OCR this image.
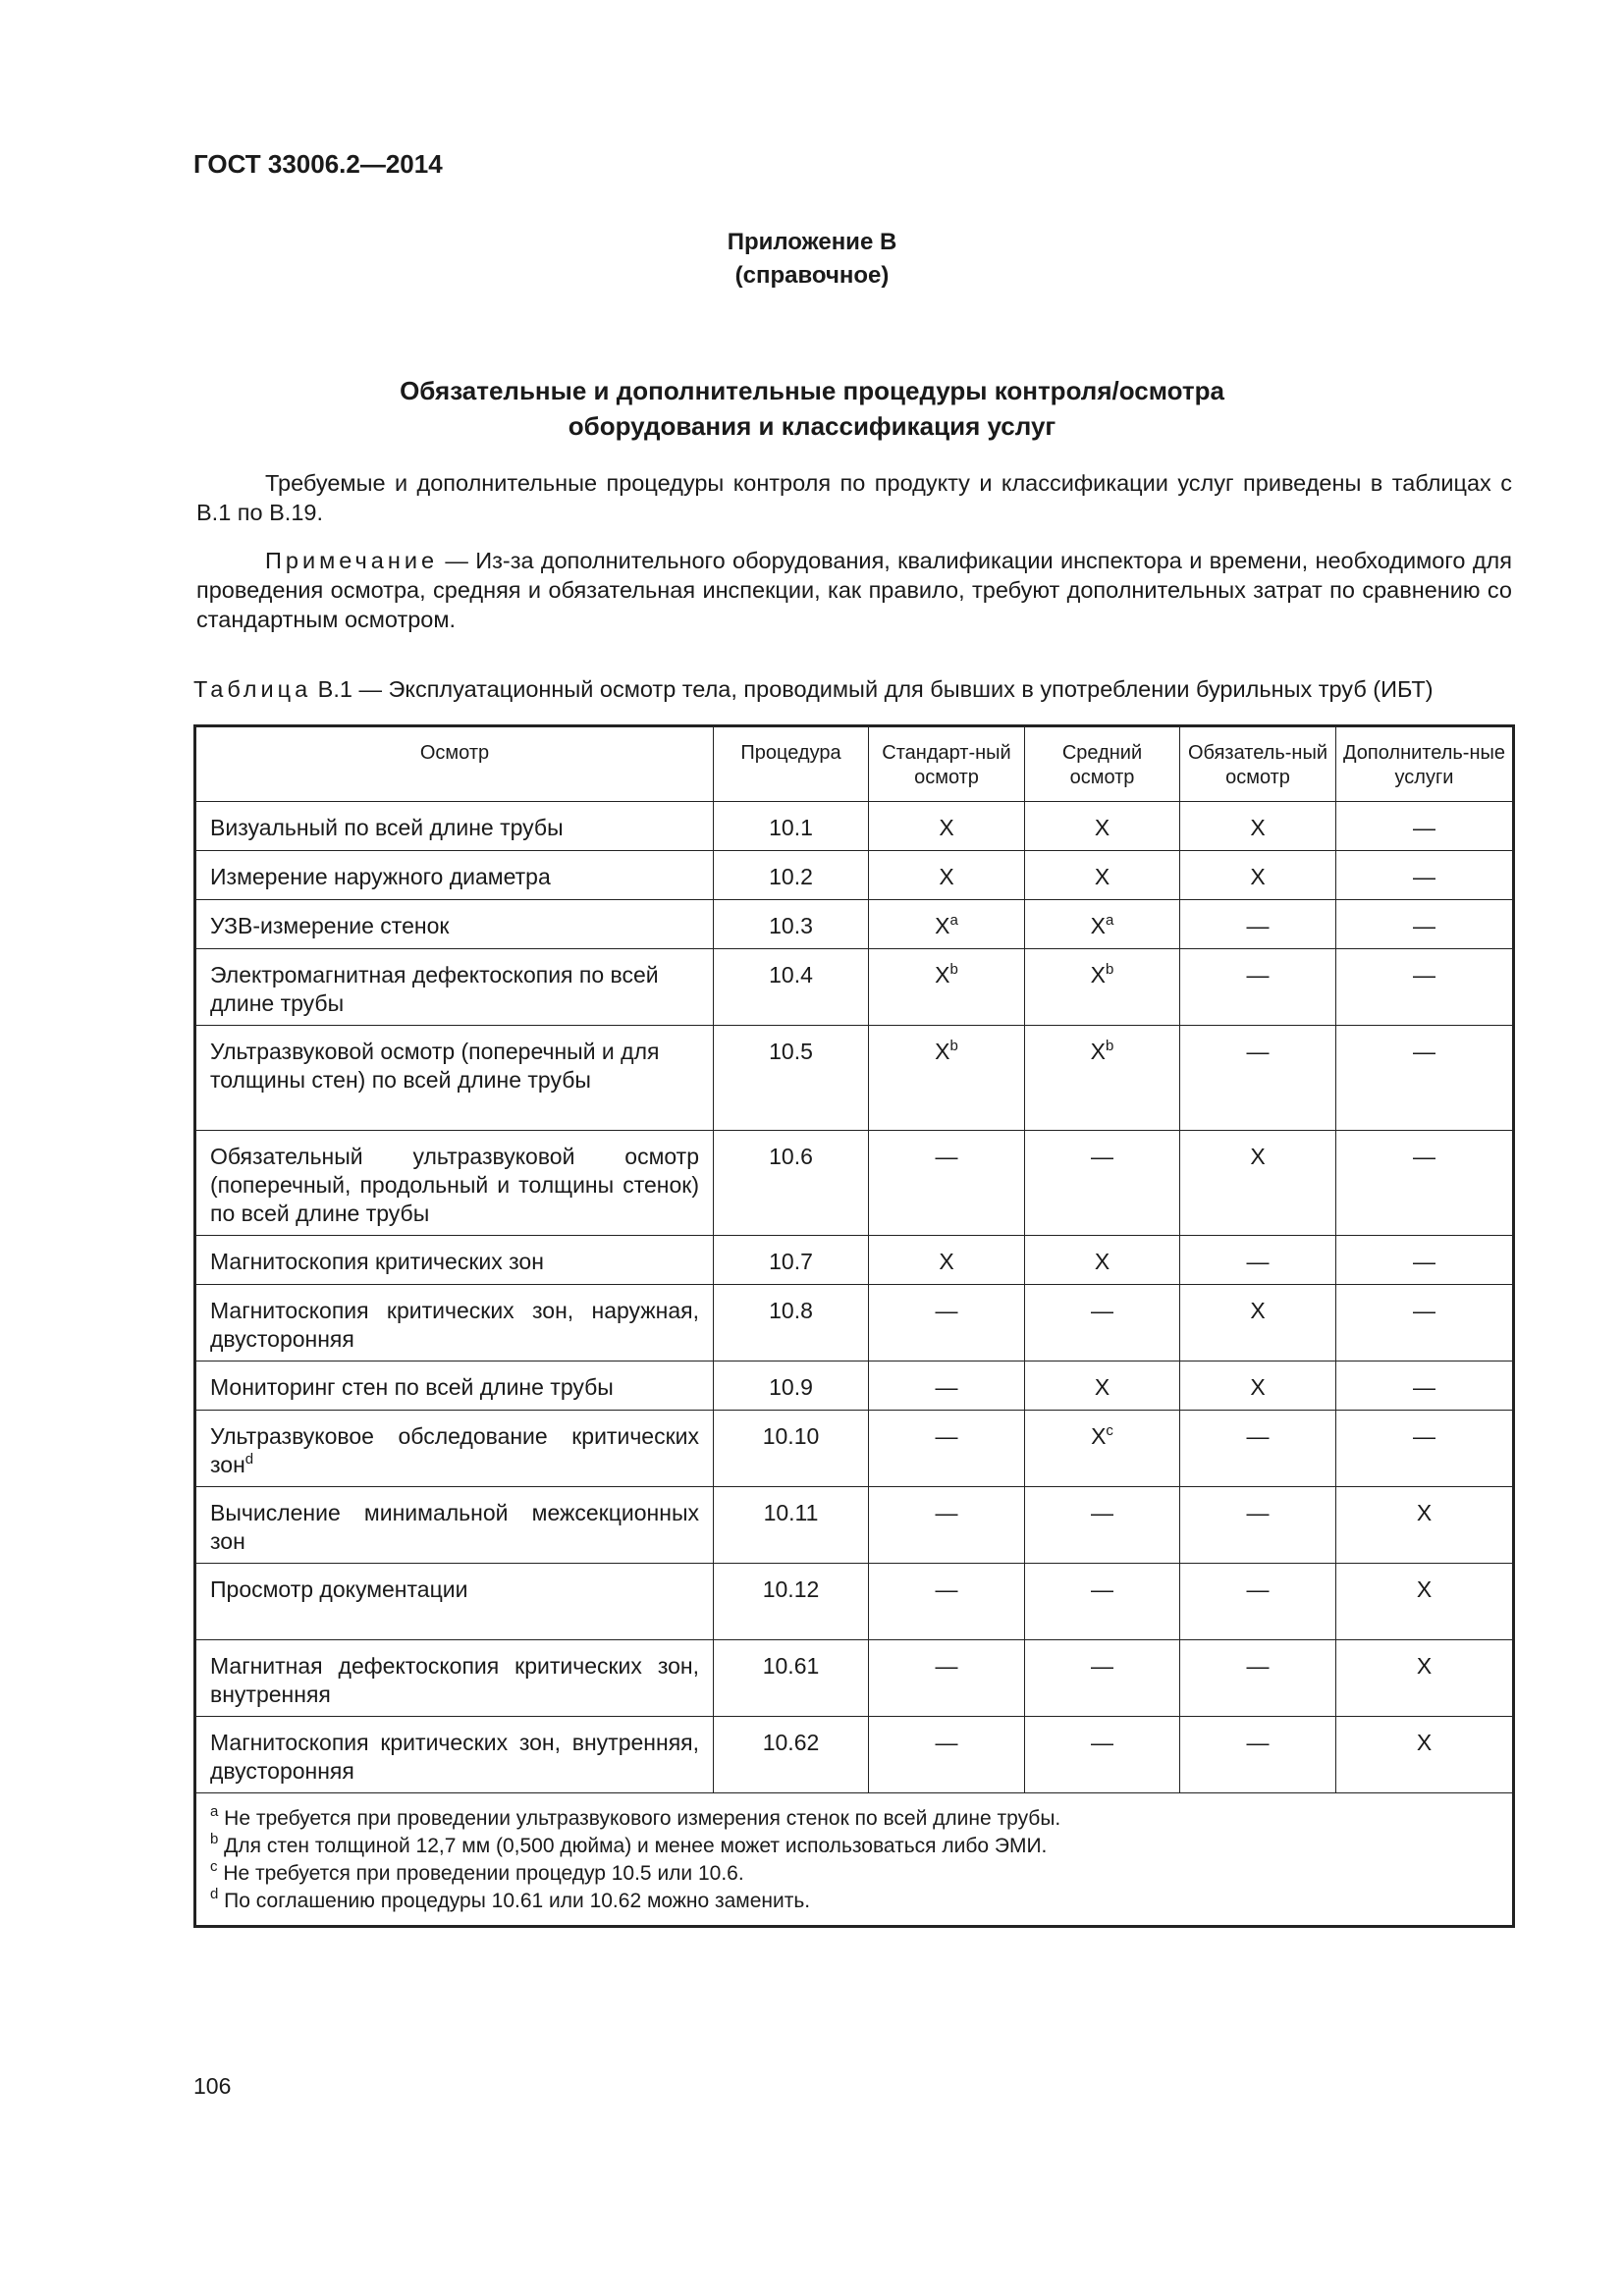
ГОСТ 33006.2—2014
Приложение В
(справочное)
Обязательные и дополнительные процедуры контроля/осмотра
оборудования и классификация услуг

Требуемые и дополнительные процедуры контроля по продукту и классификации услуг приведены в таблицах с В.1 по В.19.

Примечание — Из-за дополнительного оборудования, квалификации инспектора и времени, необходимого для проведения осмотра, средняя и обязательная инспекции, как правило, требуют дополнительных затрат по сравнению со стандартным осмотром.

Таблица В.1 — Эксплуатационный осмотр тела, проводимый для бывших в употреблении бурильных труб (ИБТ)
Осмотр	Процедура	Стандарт-ный осмотр	Средний осмотр	Обязатель-ный осмотр	Дополнитель-ные услуги
Визуальный по всей длине трубы	10.1	X	X	X	—
Измерение наружного диаметра	10.2	X	X	X	—
УЗВ-измерение стенок	10.3	$X^a$	$X^a$	—	—
Электромагнитная дефектоскопия по всей длине трубы	10.4	$X^b$	$X^b$	—	—
Ультразвуковой осмотр (поперечный и для толщины стен) по всей длине трубы	10.5	$X^b$	$X^b$	—	—
Обязательный ультразвуковой осмотр (поперечный, продольный и толщины стенок) по всей длине трубы	10.6	—	—	X	—
Магнитоскопия критических зон	10.7	X	X	—	—
Магнитоскопия критических зон, наружная, двусторонняя	10.8	—	—	X	—
Мониторинг стен по всей длине трубы	10.9	—	X	X	—
Ультразвуковое обследование критических зон$^d$	10.10	—	$X^c$	—	—
Вычисление минимальной межсекционных зон	10.11	—	—	—	X
Просмотр документации	10.12	—	—	—	X
Магнитная дефектоскопия критических зон, внутренняя	10.61	—	—	—	X
Магнитоскопия критических зон, внутренняя, двусторонняя	10.62	—	—	—	X

$^a$ Не требуется при проведении ультразвукового измерения стенок по всей длине трубы.
$^b$ Для стен толщиной 12,7 мм (0,500 дюйма) и менее может использоваться либо ЭМИ.
$^c$ Не требуется при проведении процедур 10.5 или 10.6.
$^d$ По соглашению процедуры 10.61 или 10.62 можно заменить.					
106
